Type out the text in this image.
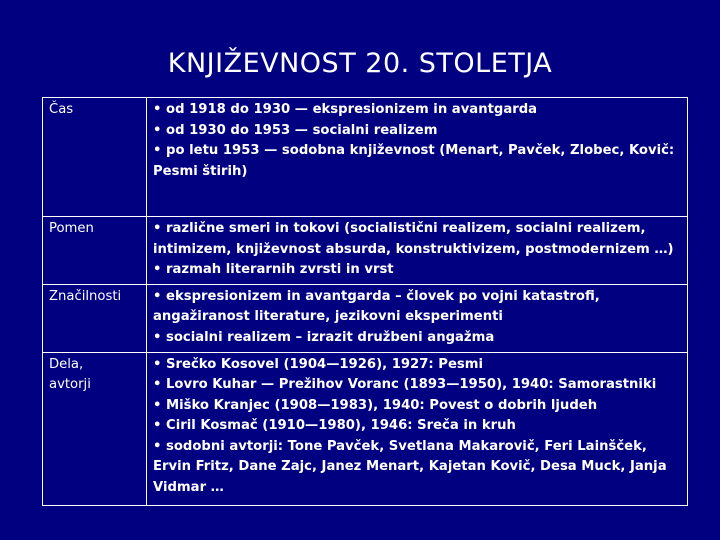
KNJIŽEVNOST 20. STOLETJA
Čas	• od 1918 do 1930 — ekspresionizem in avantgarda
• od 1930 do 1953 — socialni realizem
• po letu 1953 — sodobna književnost (Menart, Pavček, Zlobec, Kovič: Pesmi štirih)

Pomen	• različne smeri in tokovi (socialistični realizem, socialni realizem, intimizem, književnost absurda, konstruktivizem, postmodernizem …)
• razmah literarnih zvrsti in vrst

Značilnosti	• ekspresionizem in avantgarda – človek po vojni katastrofi, angažiranost literature, jezikovni eksperimenti
• socialni realizem – izrazit družbeni angažma

Dela,
avtorji	• Srečko Kosovel (1904—1926), 1927: Pesmi
• Lovro Kuhar — Prežihov Voranc (1893—1950), 1940: Samorastniki
• Miško Kranjec (1908—1983), 1940: Povest o dobrih ljudeh
• Ciril Kosmač (1910—1980), 1946: Sreča in kruh
• sodobni avtorji: Tone Pavček, Svetlana Makarovič, Feri Lainšček, Ervin Fritz, Dane Zajc, Janez Menart, Kajetan Kovič, Desa Muck, Janja Vidmar …
